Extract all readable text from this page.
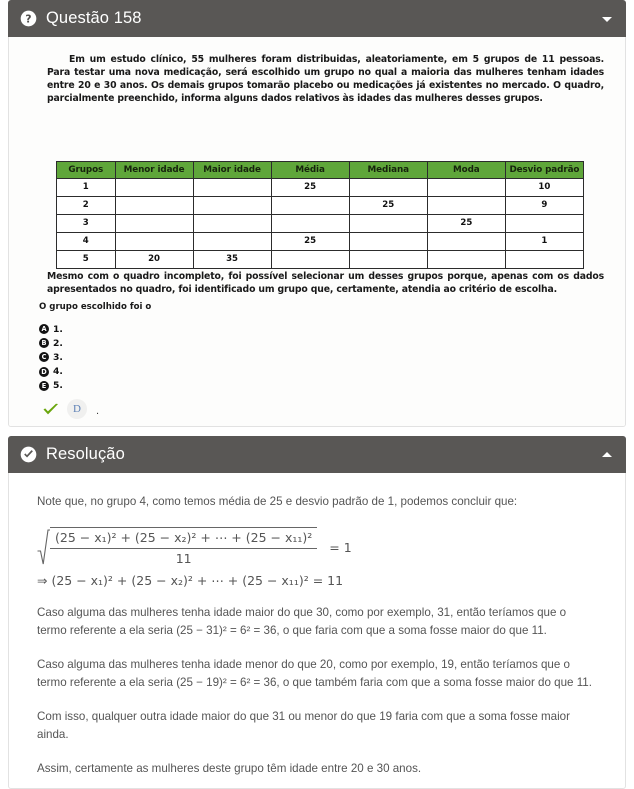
? Questão 158
Em um estudo clínico, 55 mulheres foram distribuidas, aleatoriamente, em 5 grupos de 11 pessoas. Para testar uma nova medicação, será escolhido um grupo no qual a maioria das mulheres tenham idades entre 20 e 30 anos. Os demais grupos tomarão placebo ou medicações já existentes no mercado. O quadro, parcialmente preenchido, informa alguns dados relativos às idades das mulheres desses grupos.
Grupos	Menor idade	Maior idade	Média	Mediana	Moda	Desvio padrão
1			25			10
2				25		9
3					25	
4			25			1
5	20	35				
Mesmo com o quadro incompleto, foi possível selecionar um desses grupos porque, apenas com os dados apresentados no quadro, foi identificado um grupo que, certamente, atendia ao critério de escolha.
O grupo escolhido foi o
A 1.
B 2.
C 3.
D 4.
E 5.
D	.
Resolução

Note que, no grupo 4, como temos média de 25 e desvio padrão de 1, podemos concluir que:

$\frac{\text{(25 − x₁)² + (25 − x₂)² + ⋯ + (25 − x₁₁)²}}{11} = 1$
⇒ (25 − x₁)² + (25 − x₂)² + ⋯ + (25 − x₁₁)² = 11

Caso alguma das mulheres tenha idade maior do que 30, como por exemplo, 31, então teríamos que o termo referente a ela seria (25 − 31)² = 6² = 36, o que faria com que a soma fosse maior do que 11.

Caso alguma das mulheres tenha idade menor do que 20, como por exemplo, 19, então teríamos que o termo referente a ela seria (25 − 19)² = 6² = 36, o que também faria com que a soma fosse maior do que 11.

Com isso, qualquer outra idade maior do que 31 ou menor do que 19 faria com que a soma fosse maior ainda.

Assim, certamente as mulheres deste grupo têm idade entre 20 e 30 anos.
